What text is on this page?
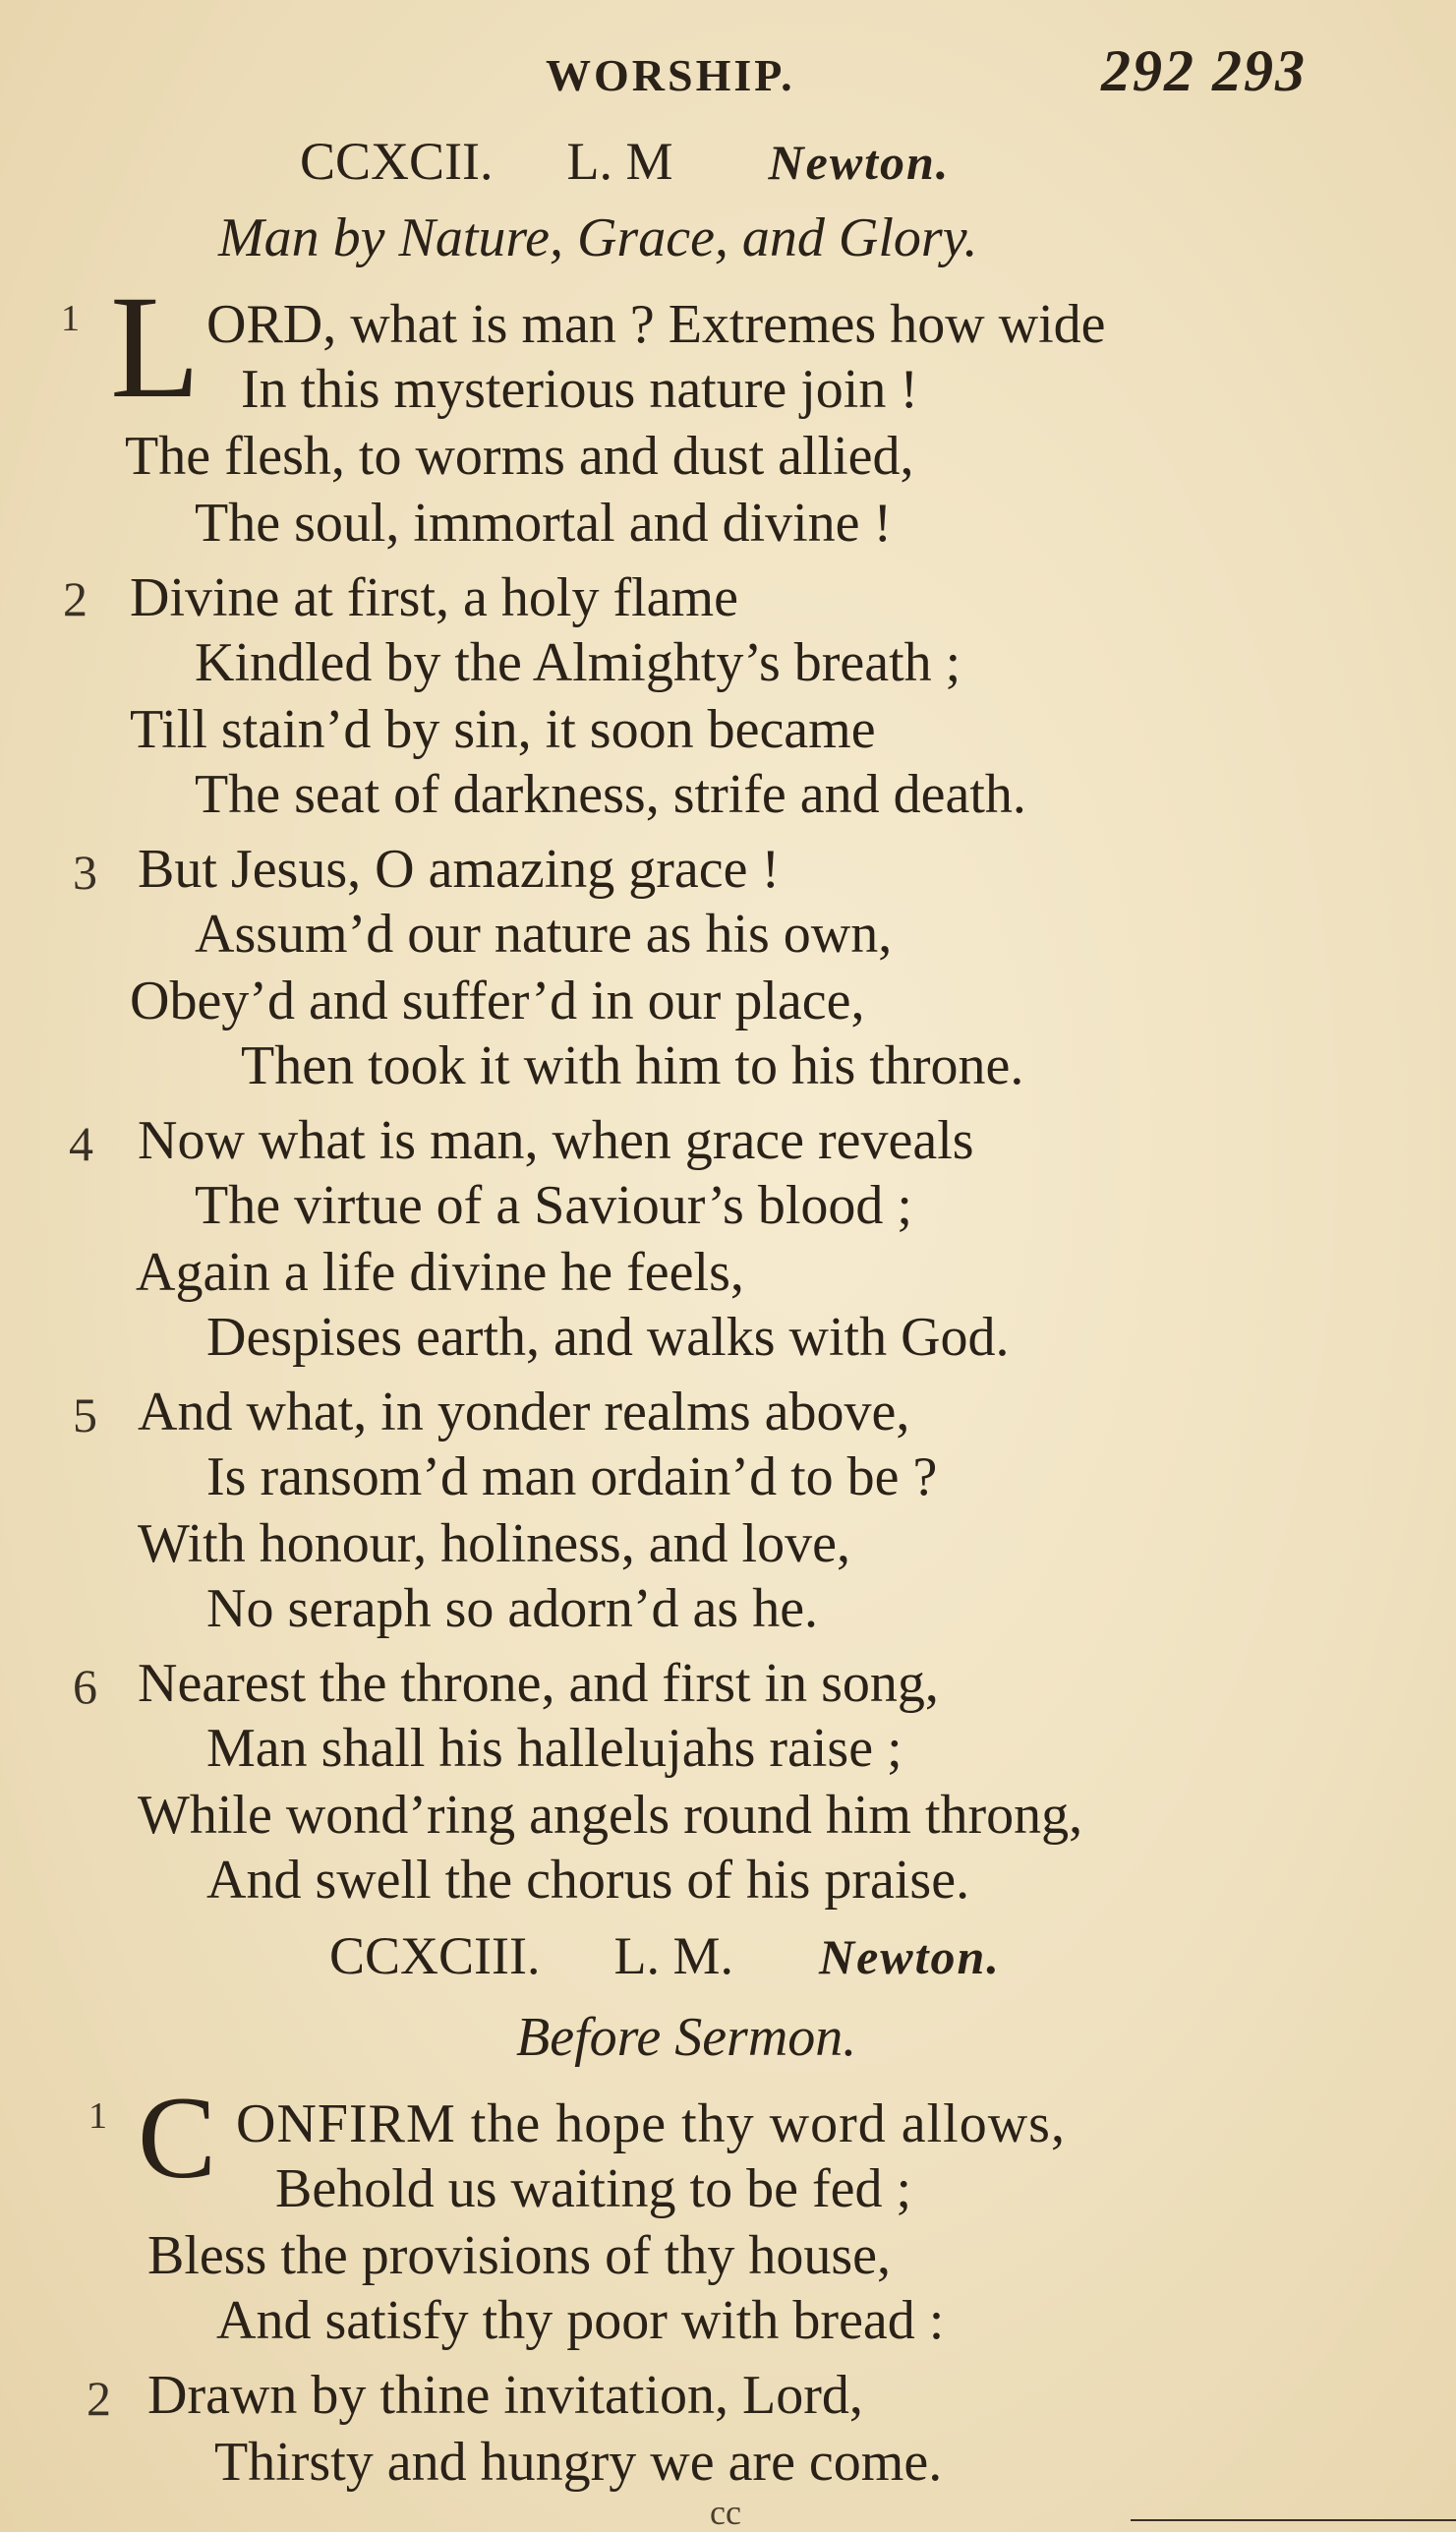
WORSHIP.	292 293
CCXCII. L. M Newton.
Man by Nature, Grace, and Glory.
1 L ORD, what is man ? Extremes how wide
In this mysterious nature join !
The flesh, to worms and dust allied,
The soul, immortal and divine !
2 Divine at first, a holy flame
Kindled by the Almighty’s breath ;
Till stain’d by sin, it soon became
The seat of darkness, strife and death.
3 But Jesus, O amazing grace !
Assum’d our nature as his own,
Obey’d and suffer’d in our place,
Then took it with him to his throne.
4 Now what is man, when grace reveals
The virtue of a Saviour’s blood ;
Again a life divine he feels,
Despises earth, and walks with God.
5 And what, in yonder realms above,
Is ransom’d man ordain’d to be ?
With honour, holiness, and love,
No seraph so adorn’d as he.
6 Nearest the throne, and first in song,
Man shall his hallelujahs raise ;
While wond’ring angels round him throng,
And swell the chorus of his praise.
CCXCIII. L. M. Newton.
Before Sermon.
1 C ONFIRM the hope thy word allows,
Behold us waiting to be fed ;
Bless the provisions of thy house,
And satisfy thy poor with bread :
2 Drawn by thine invitation, Lord,
Thirsty and hungry we are come.
cc
